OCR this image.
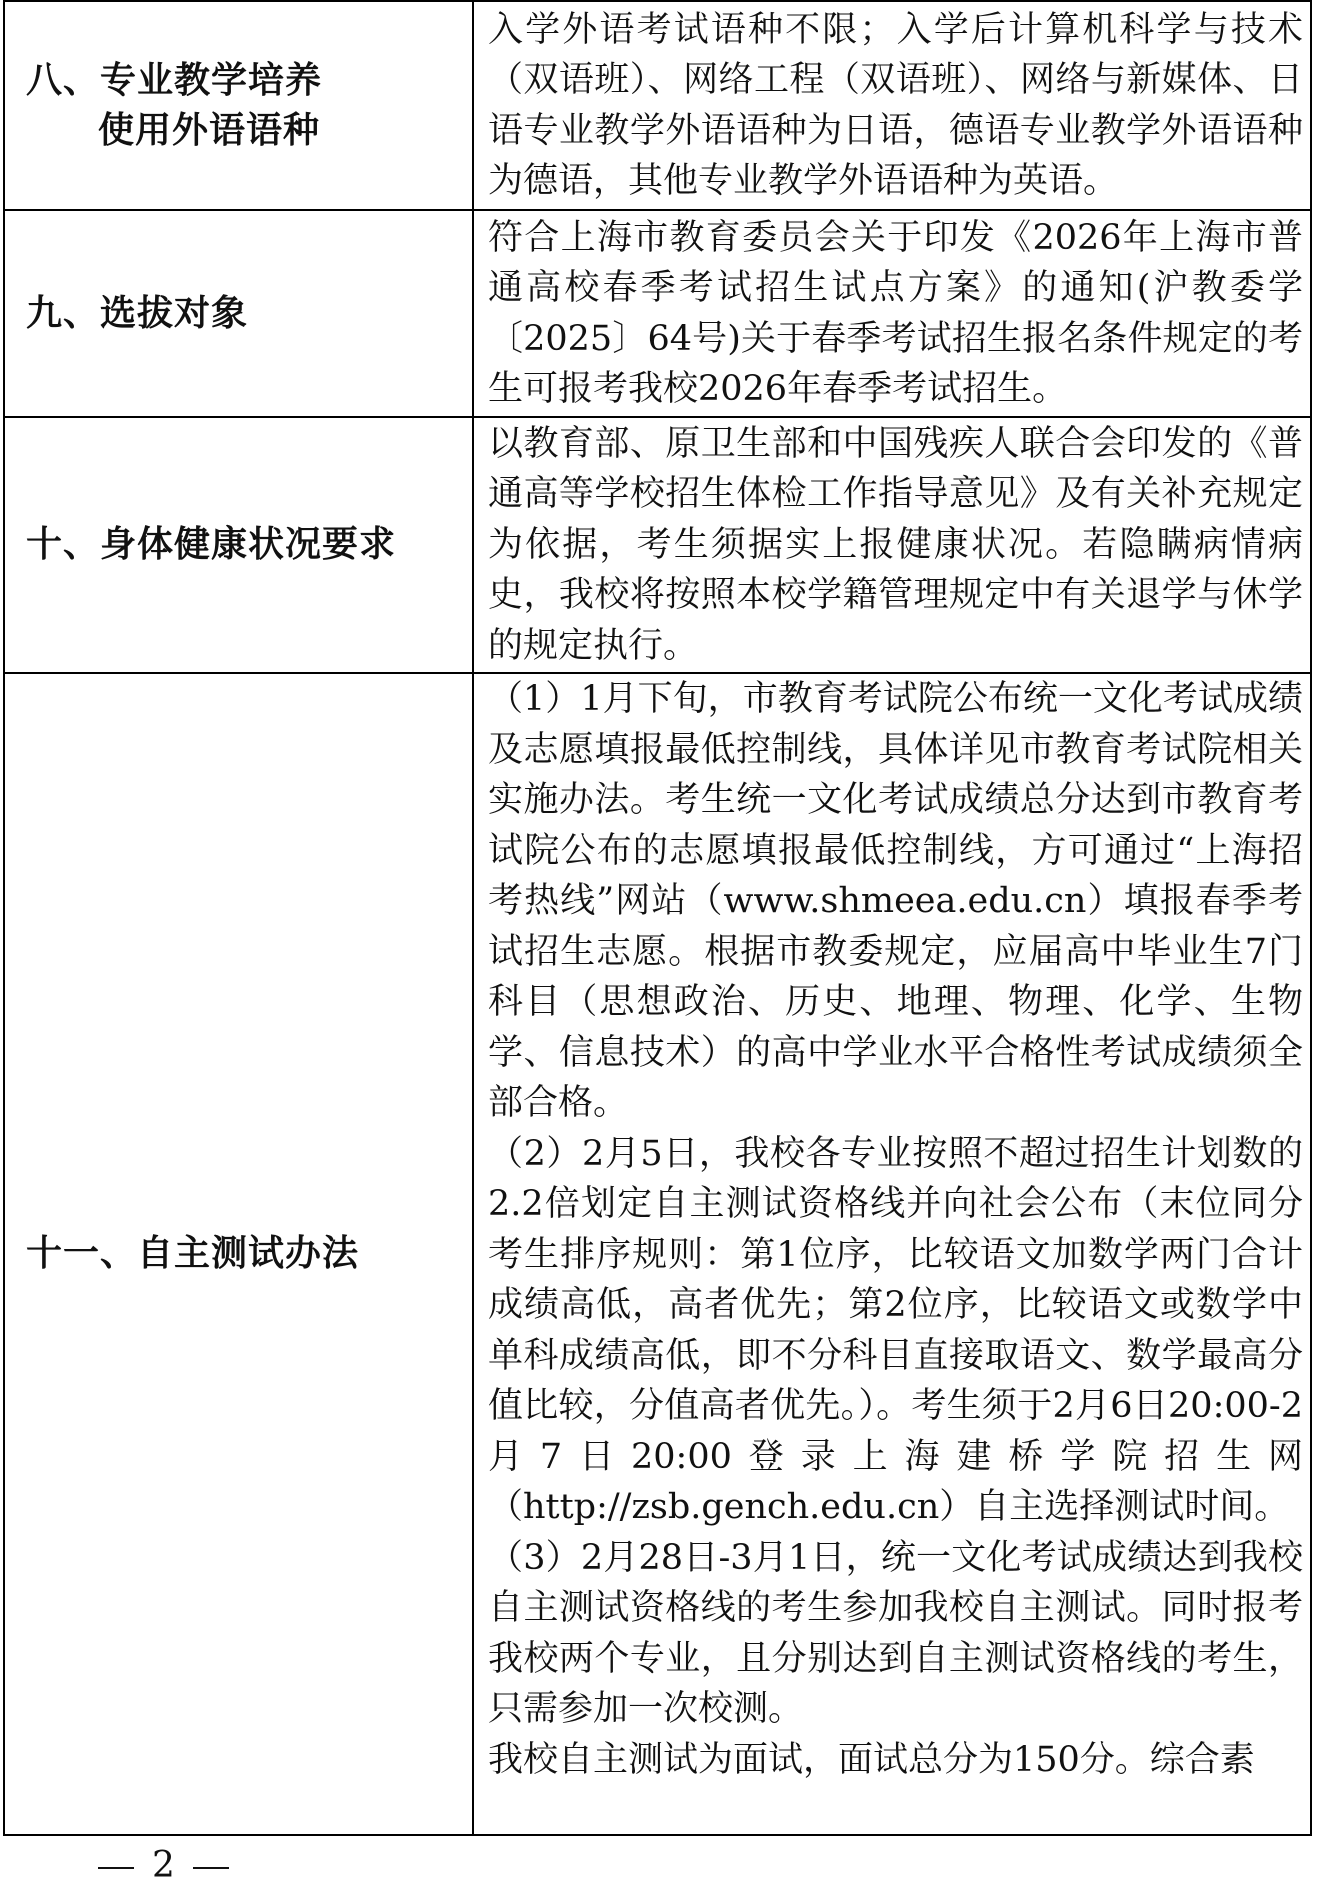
八、专业教学培养
使用外语语种	入学外语考试语种不限；入学后计算机科学与技术（双语班）、网络工程（双语班）、网络与新媒体、日语专业教学外语语种为日语，德语专业教学外语语种为德语，其他专业教学外语语种为英语。

九、选拔对象	符合上海市教育委员会关于印发《2026年上海市普通高校春季考试招生试点方案》的通知(沪教委学〔2025〕64号)关于春季考试招生报名条件规定的考生可报考我校2026年春季考试招生。

十、身体健康状况要求	以教育部、原卫生部和中国残疾人联合会印发的《普通高等学校招生体检工作指导意见》及有关补充规定为依据，考生须据实上报健康状况。若隐瞒病情病史，我校将按照本校学籍管理规定中有关退学与休学的规定执行。

十一、自主测试办法	（1）1月下旬，市教育考试院公布统一文化考试成绩及志愿填报最低控制线，具体详见市教育考试院相关实施办法。考生统一文化考试成绩总分达到市教育考试院公布的志愿填报最低控制线，方可通过“上海招考热线”网站（www.shmeea.edu.cn）填报春季考试招生志愿。根据市教委规定，应届高中毕业生7门科目（思想政治、历史、地理、物理、化学、生物学、信息技术）的高中学业水平合格性考试成绩须全部合格。

（2）2月5日，我校各专业按照不超过招生计划数的2.2倍划定自主测试资格线并向社会公布（末位同分考生排序规则：第1位序，比较语文加数学两门合计成绩高低，高者优先；第2位序，比较语文或数学中单科成绩高低，即不分科目直接取语文、数学最高分值比较，分值高者优先。）。考生须于2月6日20:00-2月7日20:00登录上海建桥学院招生网（http://zsb.gench.edu.cn）自主选择测试时间。

（3）2月28日-3月1日，统一文化考试成绩达到我校自主测试资格线的考生参加我校自主测试。同时报考我校两个专业，且分别达到自主测试资格线的考生，只需参加一次校测。

我校自主测试为面试，面试总分为150分。综合素

2
